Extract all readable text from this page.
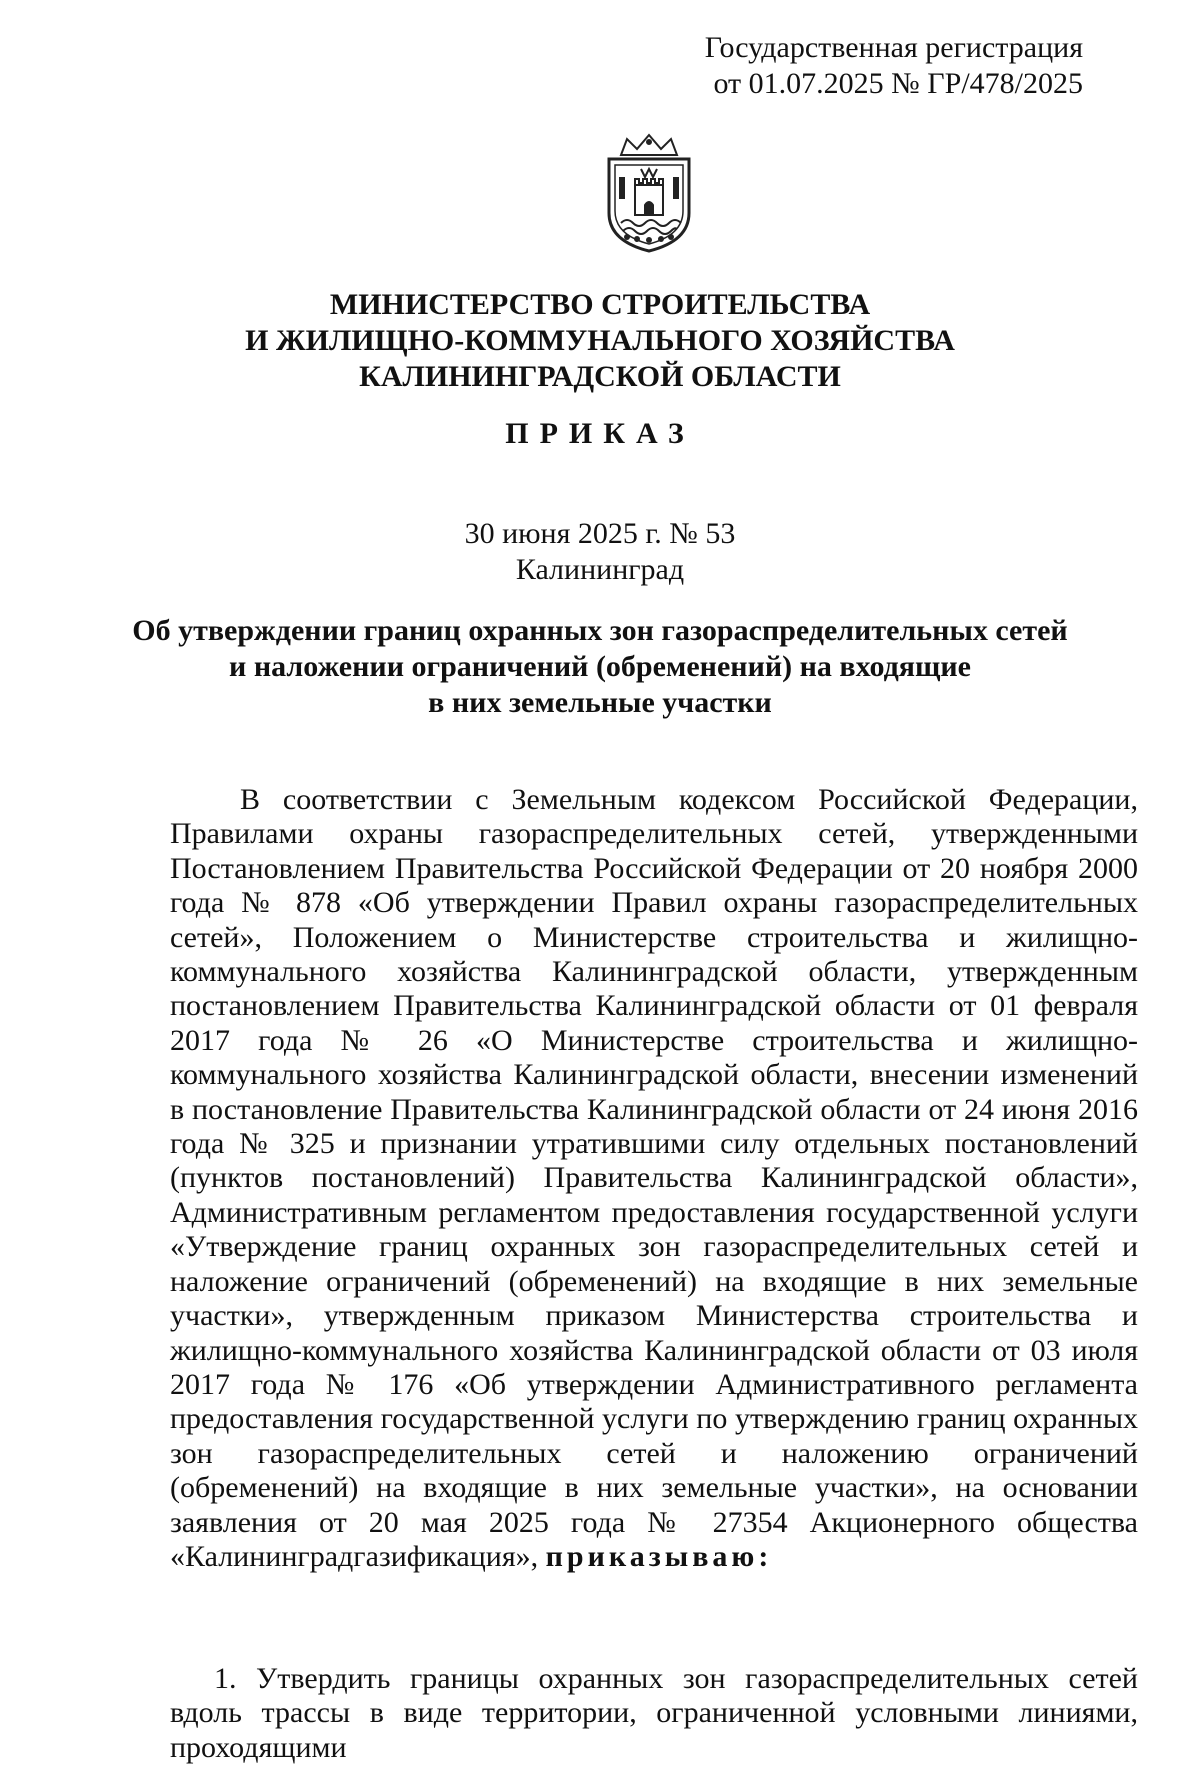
Государственная регистрация
от 01.07.2025 № ГР/478/2025
МИНИСТЕРСТВО СТРОИТЕЛЬСТВА
И ЖИЛИЩНО-КОММУНАЛЬНОГО ХОЗЯЙСТВА
КАЛИНИНГРАДСКОЙ ОБЛАСТИ
ПРИКАЗ
30 июня 2025 г. № 53
Калининград
Об утверждении границ охранных зон газораспределительных сетей
и наложении ограничений (обременений) на входящие
в них земельные участки

В соответствии с Земельным кодексом Российской Федерации, Правилами охраны газораспределительных сетей, утвержденными Постановлением Правительства Российской Федерации от 20 ноября 2000 года № 878 «Об утверждении Правил охраны газораспределительных сетей», Положением о Министерстве строительства и жилищно-коммунального хозяйства Калининградской области, утвержденным постановлением Правительства Калининградской области от 01 февраля 2017 года № 26 «О Министерстве строительства и жилищно-коммунального хозяйства Калининградской области, внесении изменений в постановление Правительства Калининградской области от 24 июня 2016 года № 325 и признании утратившими силу отдельных постановлений (пунктов постановлений) Правительства Калининградской области», Административным регламентом предоставления государственной услуги «Утверждение границ охранных зон газораспределительных сетей и наложение ограничений (обременений) на входящие в них земельные участки», утвержденным приказом Министерства строительства и жилищно-коммунального хозяйства Калининградской области от 03 июля 2017 года № 176 «Об утверждении Административного регламента предоставления государственной услуги по утверждению границ охранных зон газораспределительных сетей и наложению ограничений (обременений) на входящие в них земельные участки», на основании заявления от 20 мая 2025 года № 27354 Акционерного общества «Калининградгазификация», приказываю:

1. Утвердить границы охранных зон газораспределительных сетей вдоль трассы в виде территории, ограниченной условными линиями, проходящими
